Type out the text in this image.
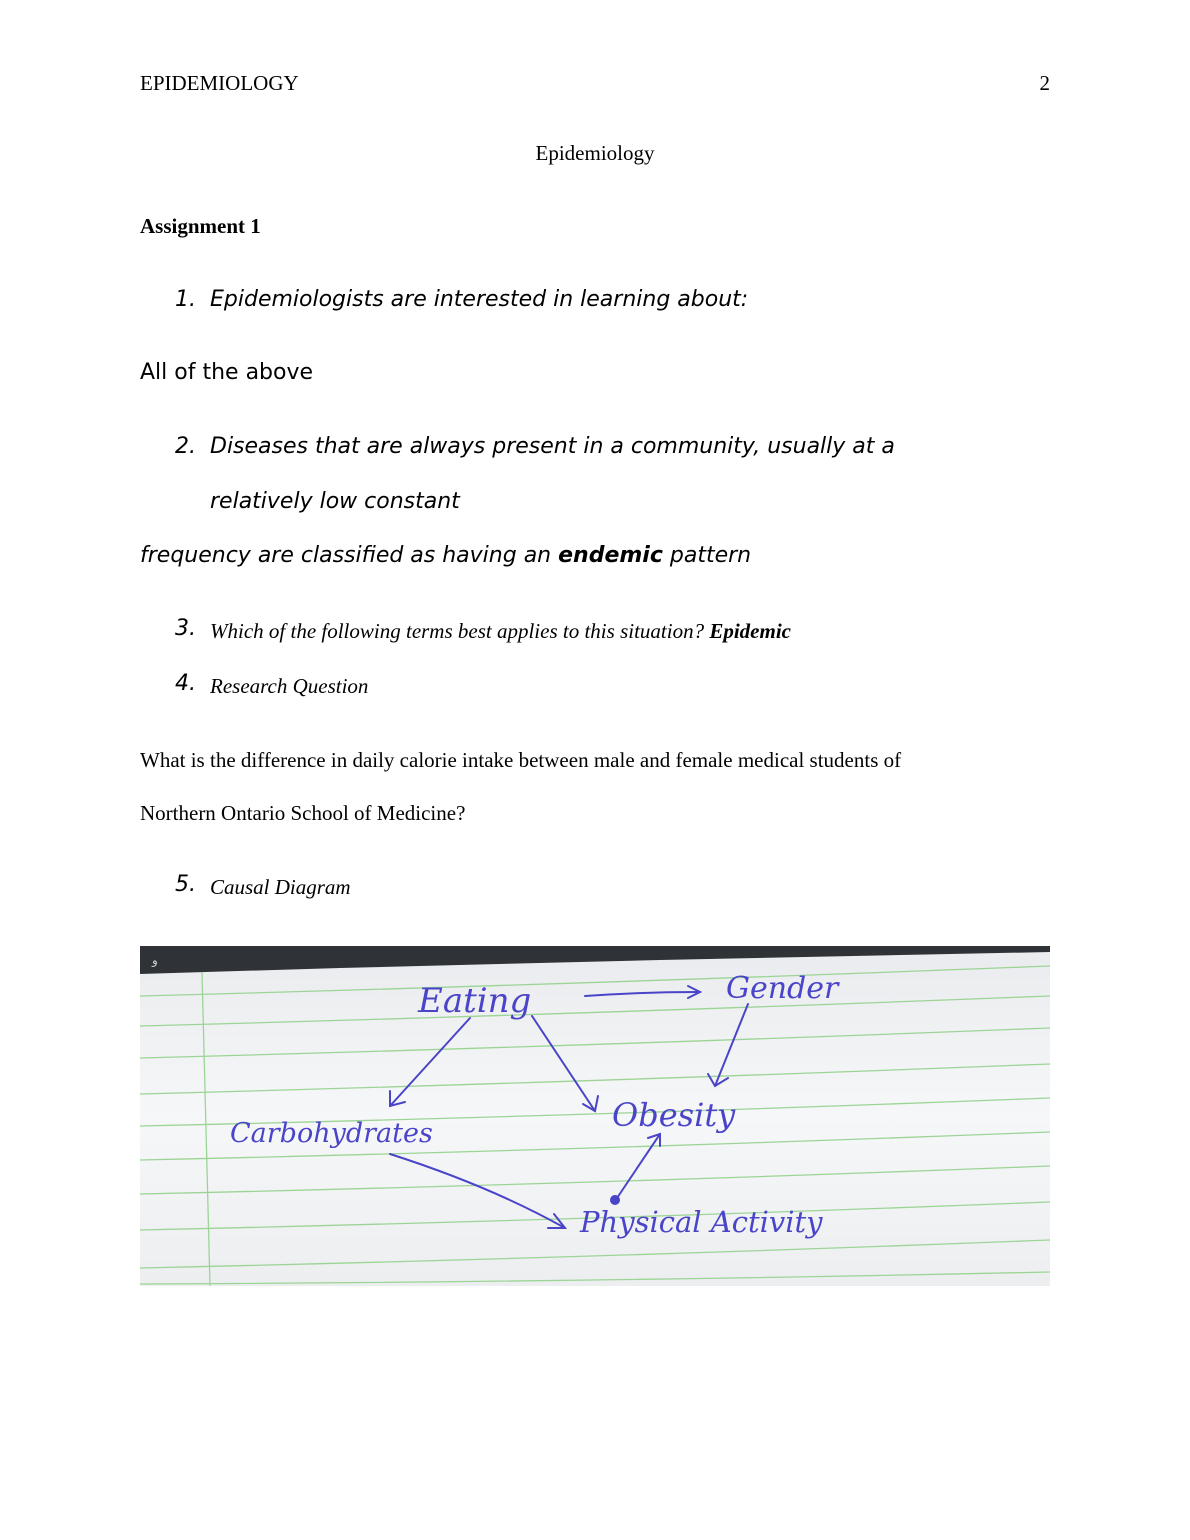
EPIDEMIOLOGY	2
Epidemiology
Assignment 1
1. Epidemiologists are interested in learning about:
All of the above
2. Diseases that are always present in a community, usually at a
relatively low constant
frequency are classified as having an endemic pattern
3. Which of the following terms best applies to this situation? Epidemic
4. Research Question
What is the difference in daily calorie intake between male and female medical students of
Northern Ontario School of Medicine?
5. Causal Diagram
و
Eating	Gender
Carbohydrates	Obesity
Physical Activity
